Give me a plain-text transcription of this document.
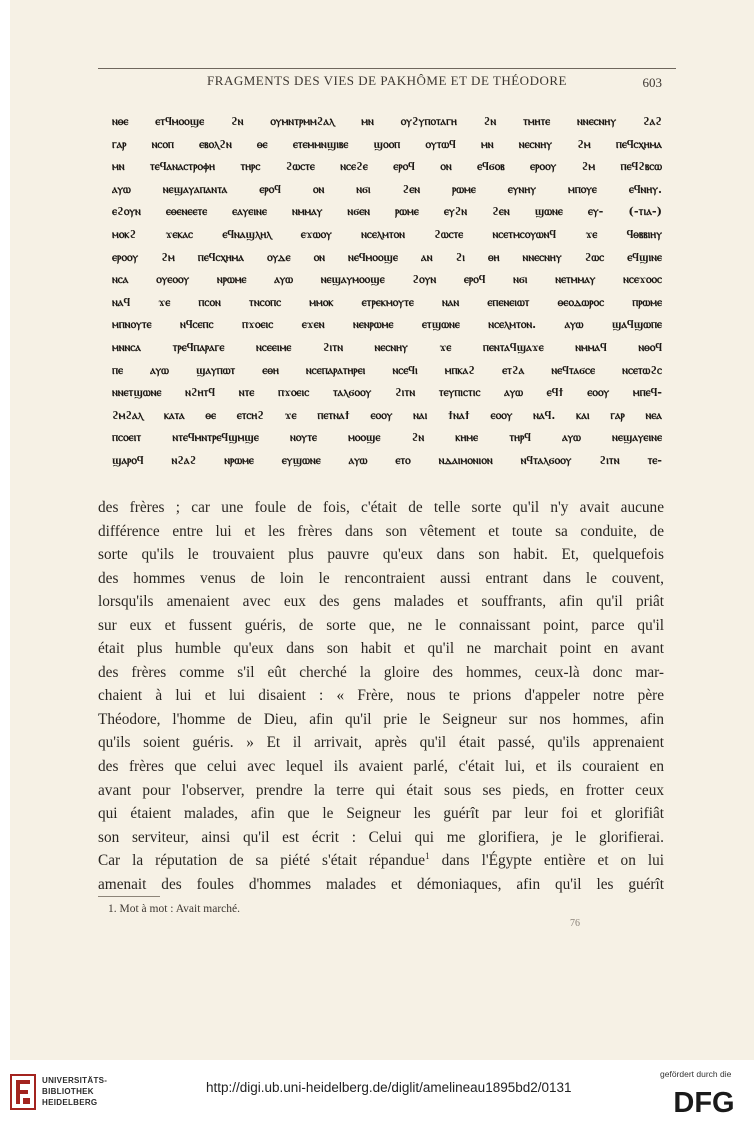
FRAGMENTS DES VIES DE PAKHÔME ET DE THÉODORE	603
ⲛⲑⲉ ⲉⲧϥⲙⲟⲟϣⲉ ϩⲛ ⲟⲩⲙⲛⲧⲣⲙⲙϩⲁⲗ ⲙⲛ ⲟⲩϩⲩⲡⲟⲧⲁⲅⲏ ϩⲛ ⲧⲙⲏⲧⲉ ⲛⲛⲉⲥⲛⲏⲩ ϩⲁϩ
ⲅⲁⲣ ⲛⲥⲟⲡ ⲉⲃⲟⲗϩⲛ ⲑⲉ ⲉⲧⲉⲙⲙⲛϣⲓⲃⲉ ϣⲟⲟⲡ ⲟⲩⲧⲱϥ ⲙⲛ ⲛⲉⲥⲛⲏⲩ ϩⲙ ⲡⲉϥⲥⲭⲏⲙⲁ
ⲙⲛ ⲧⲉϥⲁⲛⲁⲥⲧⲣⲟⲫⲏ ⲧⲏⲣⲥ ϩⲱⲥⲧⲉ ⲛⲥⲉϩⲉ ⲉⲣⲟϥ ⲟⲛ ⲉϥϭⲟⲃ ⲉⲣⲟⲟⲩ ϩⲙ ⲡⲉϥϩⲃⲥⲱ
ⲁⲩⲱ ⲛⲉϣⲁⲩⲁⲡⲁⲛⲧⲁ ⲉⲣⲟϥ ⲟⲛ ⲛϭⲓ ϩⲉⲛ ⲣⲱⲙⲉ ⲉⲩⲛⲏⲩ ⲙⲡⲟⲩⲉ ⲉϥⲛⲏⲩ.
ⲉϩⲟⲩⲛ ⲉⲑⲉⲛⲉⲉⲧⲉ ⲉⲁⲩⲉⲓⲛⲉ ⲛⲙⲙⲁⲩ ⲛϭⲉⲛ ⲣⲱⲙⲉ ⲉⲩϩⲛ ϩⲉⲛ ϣⲱⲛⲉ ⲉⲩ- (-ⲧⲓⲁ-)
ⲙⲟⲕϩ ϫⲉⲕⲁⲥ ⲉϥⲛⲁϣⲗⲏⲗ ⲉϫⲱⲟⲩ ⲛⲥⲉⲗⲙⲧⲟⲛ ϩⲱⲥⲧⲉ ⲛⲥⲉⲧⲙⲥⲟⲩⲱⲛϥ ϫⲉ ϥⲑⲃⲃⲓⲏⲩ
ⲉⲣⲟⲟⲩ ϩⲙ ⲡⲉϥⲥⲭⲏⲙⲁ ⲟⲩⲇⲉ ⲟⲛ ⲛⲉϥⲙⲟⲟϣⲉ ⲁⲛ ϩⲓ ⲑⲏ ⲛⲛⲉⲥⲛⲏⲩ ϩⲱⲥ ⲉϥϣⲓⲛⲉ
ⲛⲥⲁ ⲟⲩⲉⲟⲟⲩ ⲛⲣⲱⲙⲉ ⲁⲩⲱ ⲛⲉϣⲁⲩⲙⲟⲟϣⲉ ϩⲟⲩⲛ ⲉⲣⲟϥ ⲛϭⲓ ⲛⲉⲧⲙⲙⲁⲩ ⲛⲥⲉϫⲟⲟⲥ
ⲛⲁϥ ϫⲉ ⲡⲥⲟⲛ ⲧⲛⲥⲟⲡⲥ ⲙⲙⲟⲕ ⲉⲧⲣⲉⲕⲙⲟⲩⲧⲉ ⲛⲁⲛ ⲉⲡⲉⲛⲉⲓⲱⲧ ⲑⲉⲟⲇⲱⲣⲟⲥ ⲡⲣⲱⲙⲉ
ⲙⲡⲛⲟⲩⲧⲉ ⲛϥⲥⲉⲡⲥ ⲡϫⲟⲉⲓⲥ ⲉϫⲉⲛ ⲛⲉⲛⲣⲱⲙⲉ ⲉⲧϣⲱⲛⲉ ⲛⲥⲉⲗⲙⲧⲟⲛ. ⲁⲩⲱ ϣⲁϥϣⲱⲡⲉ
ⲙⲛⲛⲥⲁ ⲧⲣⲉϥⲡⲁⲣⲁⲅⲉ ⲛⲥⲉⲉⲓⲙⲉ ϩⲓⲧⲛ ⲛⲉⲥⲛⲏⲩ ϫⲉ ⲡⲉⲛⲧⲁϥϣⲁϫⲉ ⲛⲙⲙⲁϥ ⲛⲑⲟϥ
ⲡⲉ ⲁⲩⲱ ϣⲁⲩⲡⲱⲧ ⲉⲑⲏ ⲛⲥⲉⲡⲁⲣⲁⲧⲏⲣⲉⲓ ⲛⲥⲉϥⲓ ⲙⲡⲕⲁϩ ⲉⲧϩⲁ ⲛⲉϥⲧⲁϭⲥⲉ ⲛⲥⲉⲧⲱϩⲥ
ⲛⲛⲉⲧϣⲱⲛⲉ ⲛϩⲏⲧϥ ⲛⲧⲉ ⲡϫⲟⲉⲓⲥ ⲧⲁⲗϭⲟⲟⲩ ϩⲓⲧⲛ ⲧⲉⲩⲡⲓⲥⲧⲓⲥ ⲁⲩⲱ ⲉϥϯ ⲉⲟⲟⲩ ⲙⲡⲉϥ-
ϩⲙϩⲁⲗ ⲕⲁⲧⲁ ⲑⲉ ⲉⲧⲥⲏϩ ϫⲉ ⲡⲉⲧⲛⲁϯ ⲉⲟⲟⲩ ⲛⲁⲓ ϯⲛⲁϯ ⲉⲟⲟⲩ ⲛⲁϥ. ⲕⲁⲓ ⲅⲁⲣ ⲛⲉⲁ
ⲡⲥⲟⲉⲓⲧ ⲛⲧⲉϥⲙⲛⲧⲣⲉϥϣⲙϣⲉ ⲛⲟⲩⲧⲉ ⲙⲟⲟϣⲉ ϩⲛ ⲕⲏⲙⲉ ⲧⲏⲣϥ ⲁⲩⲱ ⲛⲉϣⲁⲩⲉⲓⲛⲉ
ϣⲁⲣⲟϥ ⲛϩⲁϩ ⲛⲣⲱⲙⲉ ⲉⲩϣⲱⲛⲉ ⲁⲩⲱ ⲉⲧⲟ ⲛⲇⲁⲓⲙⲟⲛⲓⲟⲛ ⲛϥⲧⲁⲗϭⲟⲟⲩ ϩⲓⲧⲛ ⲧⲉ-
des frères ; car une foule de fois, c'était de telle sorte qu'il n'y avait aucune
différence entre lui et les frères dans son vêtement et toute sa conduite, de
sorte qu'ils le trouvaient plus pauvre qu'eux dans son habit. Et, quelquefois
des hommes venus de loin le rencontraient aussi entrant dans le couvent,
lorsqu'ils amenaient avec eux des gens malades et souffrants, afin qu'il priât
sur eux et fussent guéris, de sorte que, ne le connaissant point, parce qu'il
était plus humble qu'eux dans son habit et qu'il ne marchait point en avant
des frères comme s'il eût cherché la gloire des hommes, ceux-là donc mar-
chaient à lui et lui disaient : « Frère, nous te prions d'appeler notre père
Théodore, l'homme de Dieu, afin qu'il prie le Seigneur sur nos hommes, afin
qu'ils soient guéris. » Et il arrivait, après qu'il était passé, qu'ils apprenaient
des frères que celui avec lequel ils avaient parlé, c'était lui, et ils couraient en
avant pour l'observer, prendre la terre qui était sous ses pieds, en frotter ceux
qui étaient malades, afin que le Seigneur les guérît par leur foi et glorifiât
son serviteur, ainsi qu'il est écrit : Celui qui me glorifiera, je le glorifierai.
Car la réputation de sa piété s'était répandue$^1$ dans l'Égypte entière et on lui
amenait des foules d'hommes malades et démoniaques, afin qu'il les guérît
1. Mot à mot : Avait marché.
76
UNIVERSITÄTS-
BIBLIOTHEK
HEIDELBERG
http://digi.ub.uni-heidelberg.de/diglit/amelineau1895bd2/0131
gefördert durch die
DFG
